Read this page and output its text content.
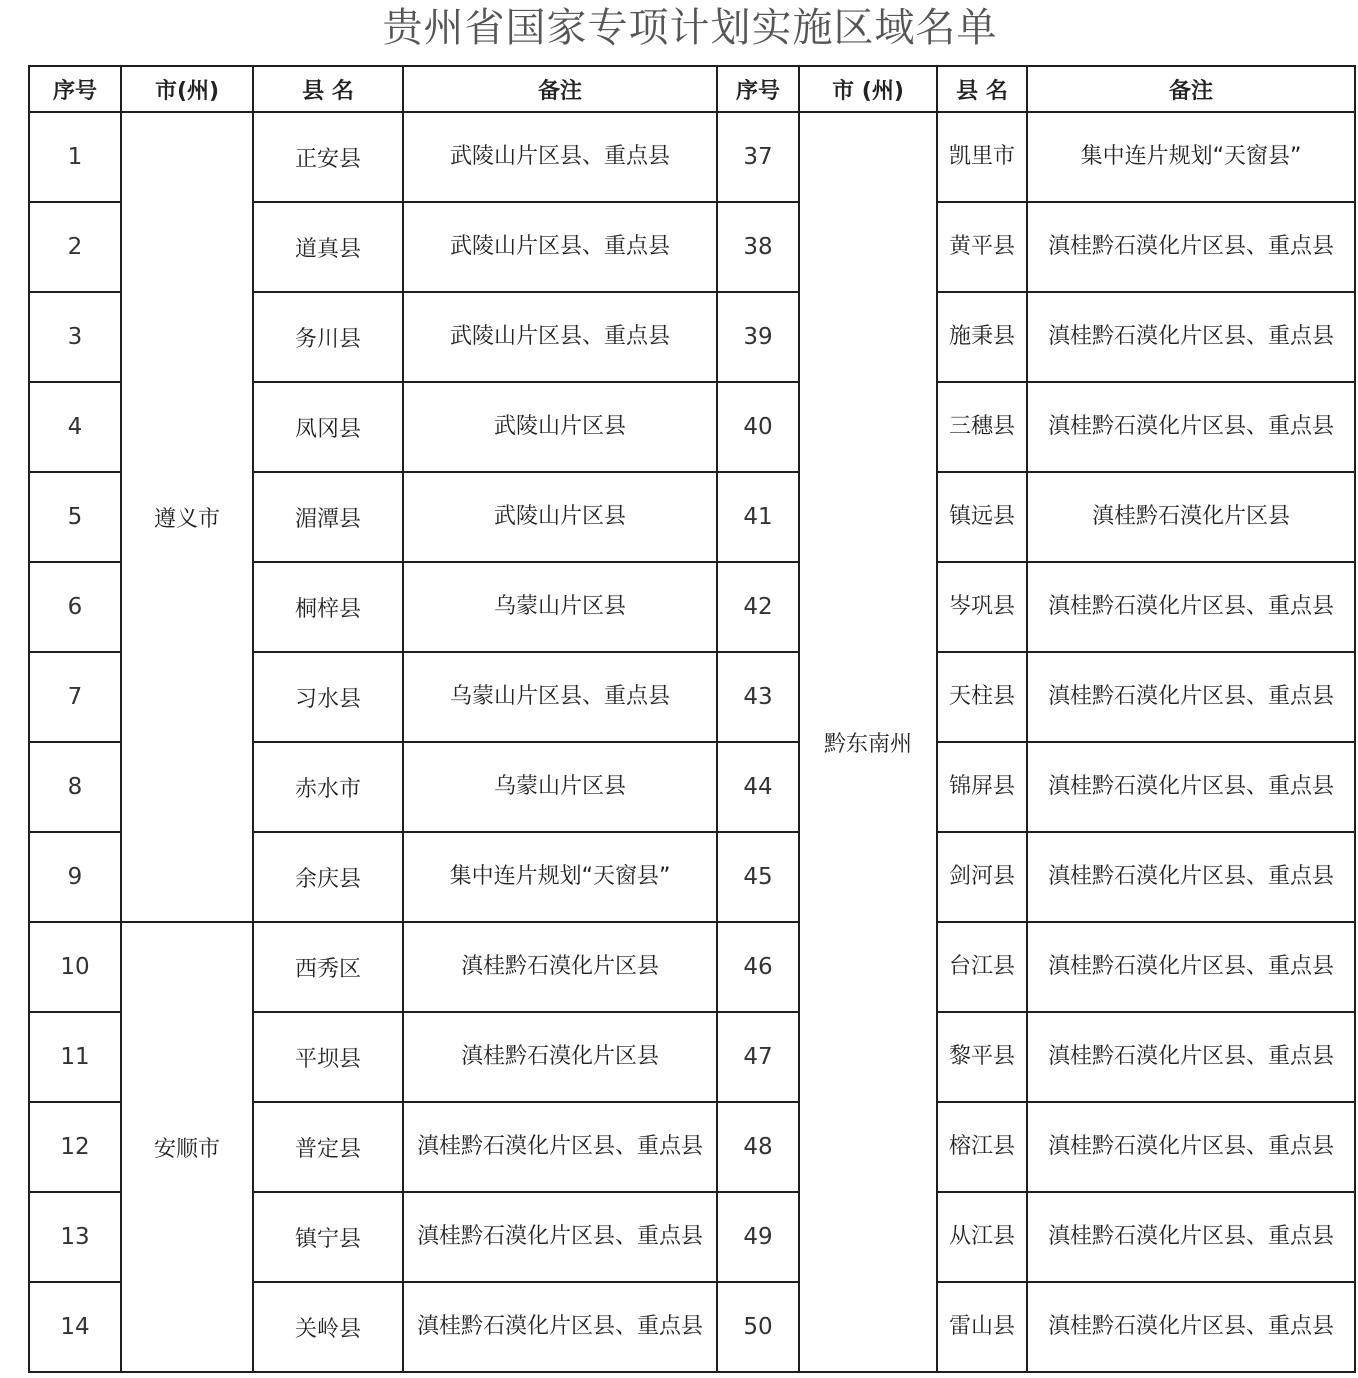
贵州省国家专项计划实施区域名单
序号	市(州)	县 名	备注	序号	市 (州)	县 名	备注
1	遵义市	正安县	武陵山片区县、重点县	37	黔东南州	凯里市	集中连片规划“天窗县”
2		道真县	武陵山片区县、重点县	38		黄平县	滇桂黔石漠化片区县、重点县
3		务川县	武陵山片区县、重点县	39		施秉县	滇桂黔石漠化片区县、重点县
4		凤冈县	武陵山片区县	40		三穗县	滇桂黔石漠化片区县、重点县
5		湄潭县	武陵山片区县	41		镇远县	滇桂黔石漠化片区县
6		桐梓县	乌蒙山片区县	42		岑巩县	滇桂黔石漠化片区县、重点县
7		习水县	乌蒙山片区县、重点县	43		天柱县	滇桂黔石漠化片区县、重点县
8		赤水市	乌蒙山片区县	44		锦屏县	滇桂黔石漠化片区县、重点县
9		余庆县	集中连片规划“天窗县”	45		剑河县	滇桂黔石漠化片区县、重点县
10	安顺市	西秀区	滇桂黔石漠化片区县	46		台江县	滇桂黔石漠化片区县、重点县
11		平坝县	滇桂黔石漠化片区县	47		黎平县	滇桂黔石漠化片区县、重点县
12		普定县	滇桂黔石漠化片区县、重点县	48		榕江县	滇桂黔石漠化片区县、重点县
13		镇宁县	滇桂黔石漠化片区县、重点县	49		从江县	滇桂黔石漠化片区县、重点县
14		关岭县	滇桂黔石漠化片区县、重点县	50		雷山县	滇桂黔石漠化片区县、重点县
